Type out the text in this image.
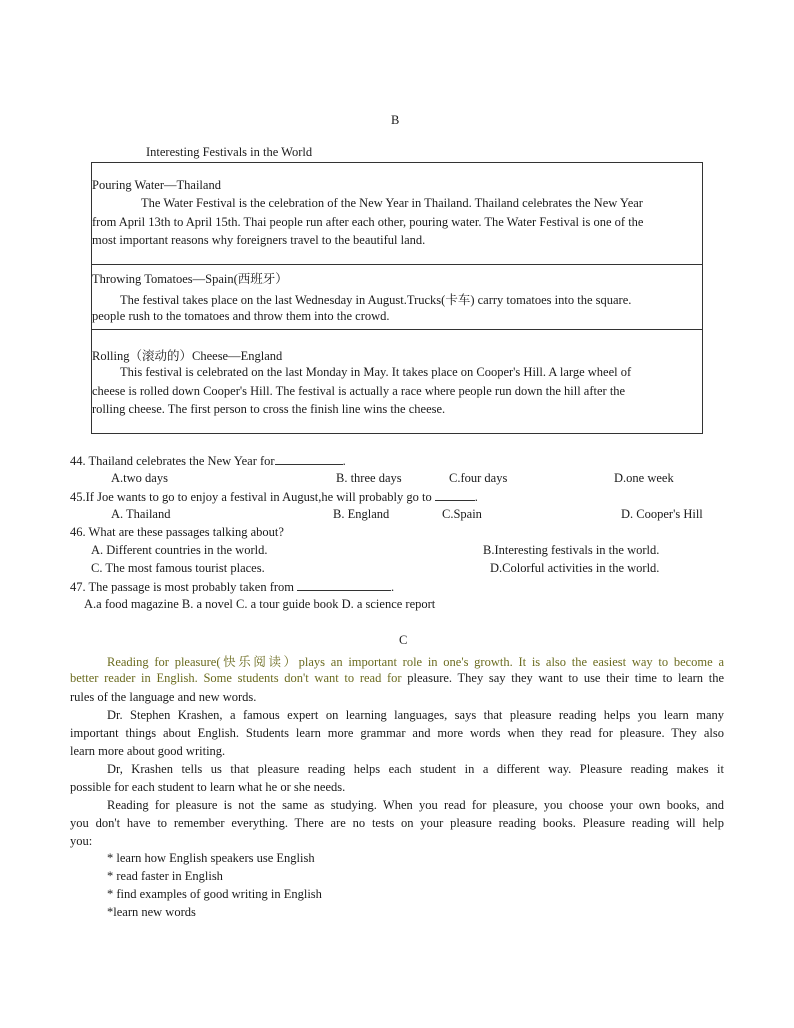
B
Interesting Festivals in the World
Pouring Water—Thailand
The Water Festival is the celebration of the New Year in Thailand. Thailand celebrates the New Year
from April 13th to April 15th. Thai people run after each other, pouring water. The Water Festival is one of the
most important reasons why foreigners travel to the beautiful land.
Throwing Tomatoes—Spain(西班牙）
The festival takes place on the last Wednesday in August.Trucks(卡车) carry tomatoes into the square.
people rush to the tomatoes and throw them into the crowd.
Rolling（滚动的）Cheese—England
This festival is celebrated on the last Monday in May. It takes place on Cooper's Hill. A large wheel of
cheese is rolled down Cooper's Hill. The festival is actually a race where people run down the hill after the
rolling cheese. The first person to cross the finish line wins the cheese.
44. Thailand celebrates the New Year for	.
A.two days	B. three days	C.four days	D.one week
45.If Joe wants to go to enjoy a festival in August,he will probably go to	.
A. Thailand	B. England	C.Spain	D. Cooper's Hill
46. What are these passages talking about?
A. Different countries in the world.	B.Interesting festivals in the world.
C. The most famous tourist places.	D.Colorful activities in the world.
47. The passage is most probably taken from	.
A.a food magazine B. a novel C. a tour guide book D. a science report
C
Reading for pleasure(快乐阅读）plays an important role in one's growth. It is also the easiest way to become a
better reader in English. Some students don't want to read for pleasure. They say they want to use their time to learn the
rules of the language and new words.
Dr. Stephen Krashen, a famous expert on learning languages, says that pleasure reading helps you learn many
important things about English. Students learn more grammar and more words when they read for pleasure. They also
learn more about good writing.
Dr, Krashen tells us that pleasure reading helps each student in a different way. Pleasure reading makes it
possible for each student to learn what he or she needs.
Reading for pleasure is not the same as studying. When you read for pleasure, you choose your own books, and
you don't have to remember everything. There are no tests on your pleasure reading books. Pleasure reading will help
you:
* learn how English speakers use English
* read faster in English
* find examples of good writing in English
*learn new words
